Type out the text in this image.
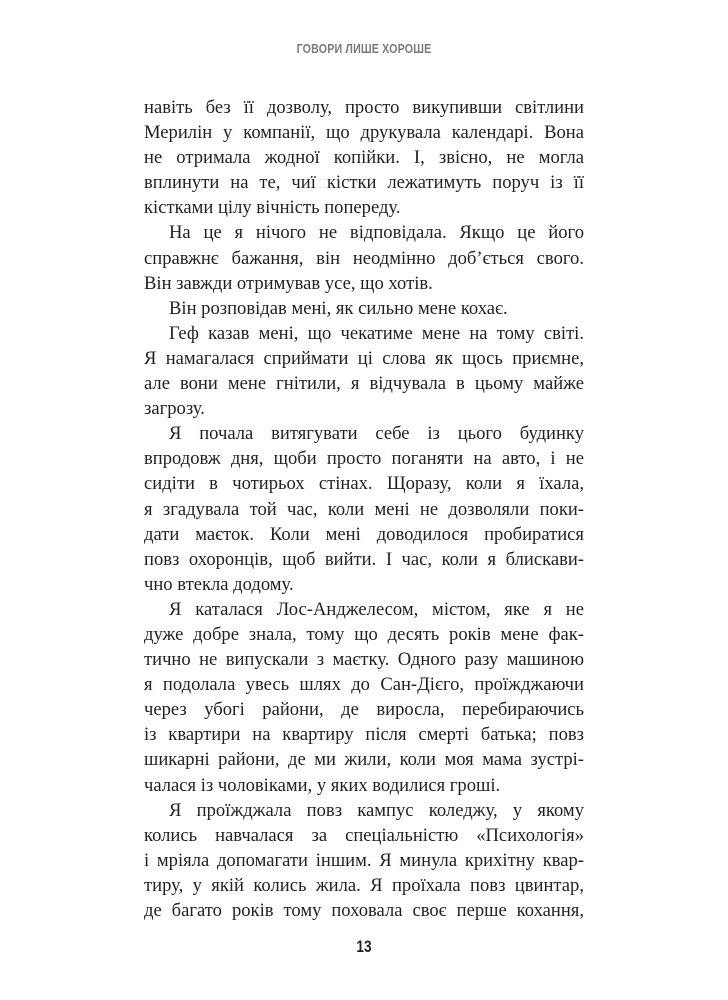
ГОВОРИ ЛИШЕ ХОРОШЕ
навіть без її дозволу, просто викупивши світлини
Мерилін у компанії, що друкувала календарі. Вона
не отримала жодної копійки. І, звісно, не могла
вплинути на те, чиї кістки лежатимуть поруч із її
кістками цілу вічність попереду.
На це я нічого не відповідала. Якщо це його
справжнє бажання, він неодмінно доб’ється свого.
Він завжди отримував усе, що хотів.
Він розповідав мені, як сильно мене кохає.
Геф казав мені, що чекатиме мене на тому світі.
Я намагалася сприймати ці слова як щось приємне,
але вони мене гнітили, я відчувала в цьому майже
загрозу.
Я почала витягувати себе із цього будинку
впродовж дня, щоби просто поганяти на авто, і не
сидіти в чотирьох стінах. Щоразу, коли я їхала,
я згадувала той час, коли мені не дозволяли поки-
дати маєток. Коли мені доводилося пробиратися
повз охоронців, щоб вийти. І час, коли я блискави-
чно втекла додому.
Я каталася Лос-Анджелесом, містом, яке я не
дуже добре знала, тому що десять років мене фак-
тично не випускали з маєтку. Одного разу машиною
я подолала увесь шлях до Сан-Дієго, проїжджаючи
через убогі райони, де виросла, перебираючись
із квартири на квартиру після смерті батька; повз
шикарні райони, де ми жили, коли моя мама зустрі-
чалася із чоловіками, у яких водилися гроші.
Я проїжджала повз кампус коледжу, у якому
колись навчалася за спеціальністю «Психологія»
і мріяла допомагати іншим. Я минула крихітну квар-
тиру, у якій колись жила. Я проїхала повз цвинтар,
де багато років тому поховала своє перше кохання,
13
